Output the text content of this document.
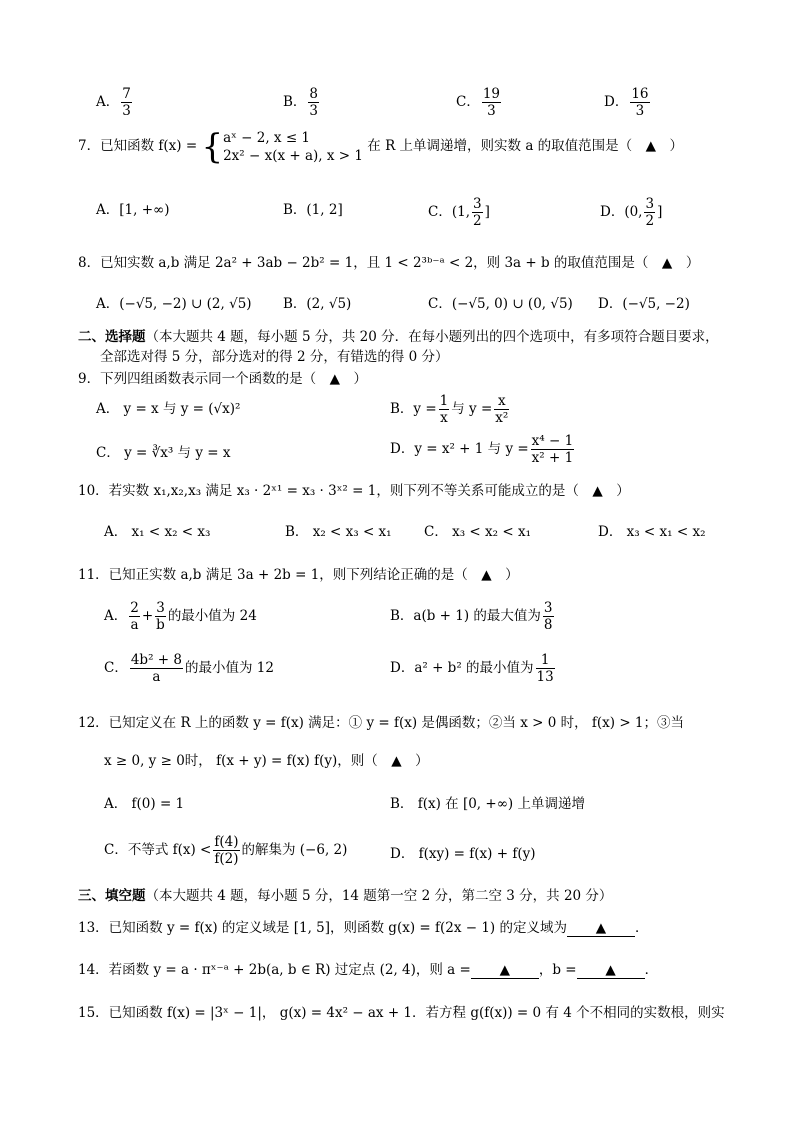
A． $\frac{7}{3}$	B． $\frac{8}{3}$	C． $\frac{19}{3}$	D． $\frac{16}{3}$
7．已知函数 f(x) = { aˣ − 2, x ≤ 1
2x² − x(x + a), x > 1
在 R 上单调递增，则实数 a 的取值范围是（　▲　）
A．[1, +∞)	B．(1, 2]	C．(1, $\frac{3}{2}$ ]	D．(0, $\frac{3}{2}$ ]
8．已知实数 a,b 满足 2a² + 3ab − 2b² = 1，且 1 < 2³ᵇ⁻ᵃ < 2，则 3a + b 的取值范围是（　▲　）
A．(−√5, −2) ∪ (2, √5) B．(2, √5)	C．(−√5, 0) ∪ (0, √5) D．(−√5, −2)
二、选择题（本大题共 4 题，每小题 5 分，共 20 分．在每小题列出的四个选项中，有多项符合题目要求，
全部选对得 5 分，部分选对的得 2 分，有错选的得 0 分）
9．下列四组函数表示同一个函数的是（　▲　）
A． y = x 与 y = (√x)²	B．$y = \frac{1}{x}$ 与 $y = \frac{x}{\text{x²}}$
C． y = ∛x³ 与 y = x	D．y = x² + 1 与 $y = \frac{\text{x⁴ − 1}}{\text{x² + 1}}$
10．若实数 x₁,x₂,x₃ 满足 x₃ · 2ˣ¹ = x₃ · 3ˣ² = 1，则下列不等关系可能成立的是（　▲　）
A． x₁ < x₂ < x₃	B． x₂ < x₃ < x₁ C． x₃ < x₂ < x₁	D． x₃ < x₁ < x₂
11．已知正实数 a,b 满足 3a + 2b = 1，则下列结论正确的是（　▲　）
A． $\frac{2}{a} + \frac{3}{b}$ 的最小值为 24	B．a(b + 1) 的最大值为 $\frac{3}{8}$
C． $\frac{\text{4b² + 8}}{a}$ 的最小值为 12	D．a² + b² 的最小值为 $\frac{1}{13}$
12．已知定义在 R 上的函数 y = f(x) 满足：① y = f(x) 是偶函数；②当 x > 0 时， f(x) > 1；③当
x ≥ 0, y ≥ 0时， f(x + y) = f(x) f(y)，则（　▲　）
A． f(0) = 1	B． f(x) 在 [0, +∞) 上单调递增
C．不等式 $f(x) < \frac{f(4)}{f(2)}$ 的解集为 (−6, 2)	D． f(xy) = f(x) + f(y)
三、填空题（本大题共 4 题，每小题 5 分，14 题第一空 2 分，第二空 3 分，共 20 分）
13．已知函数 y = f(x) 的定义域是 [1, 5]，则函数 g(x) = f(2x − 1) 的定义域为 ▲ ．
14．若函数 y = a · πˣ⁻ᵃ + 2b(a, b ∈ R) 过定点 (2, 4)，则 a = ▲ ，b = ▲ ．
15．已知函数 f(x) = |3ˣ − 1|， g(x) = 4x² − ax + 1．若方程 g(f(x)) = 0 有 4 个不相同的实数根，则实
